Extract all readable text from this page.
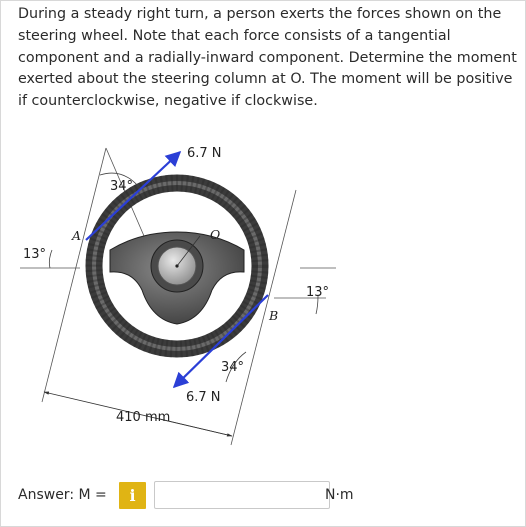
During a steady right turn, a person exerts the forces shown on the steering wheel. Note that each force consists of a tangential component and a radially-inward component. Determine the moment exerted about the steering column at O. The moment will be positive if counterclockwise, negative if clockwise.

6.7 N
34°
A	O
13°
13°
B
34°
6.7 N
410 mm
Answer: M =	i	N·m
